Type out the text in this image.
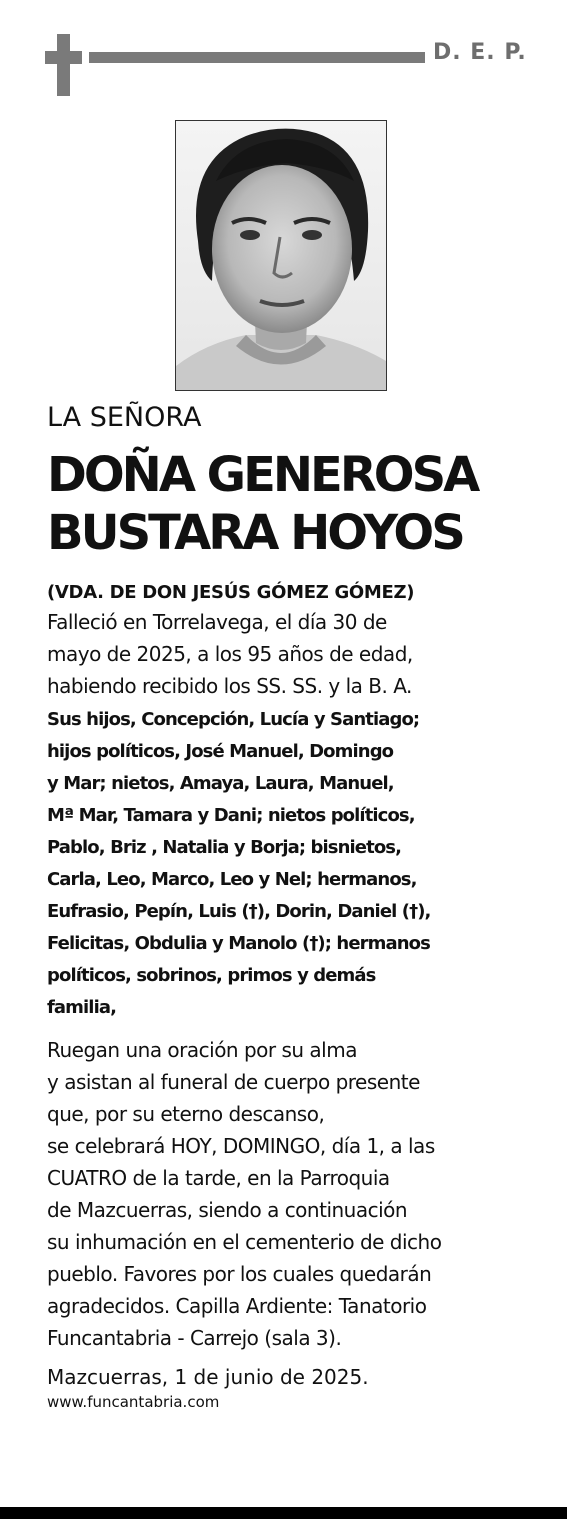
D. E. P.

LA SEÑORA

DOÑA GENEROSA
BUSTARA HOYOS

(VDA. DE DON JESÚS GÓMEZ GÓMEZ)

Falleció en Torrelavega, el día 30 de
mayo de 2025, a los 95 años de edad,
habiendo recibido los SS. SS. y la B. A.

Sus hijos, Concepción, Lucía y Santiago;
hijos políticos, José Manuel, Domingo
y Mar; nietos, Amaya, Laura, Manuel,
Mª Mar, Tamara y Dani; nietos políticos,
Pablo, Briz , Natalia y Borja; bisnietos,
Carla, Leo, Marco, Leo y Nel; hermanos,
Eufrasio, Pepín, Luis (†), Dorin, Daniel (†),
Felicitas, Obdulia y Manolo (†); hermanos
políticos, sobrinos, primos y demás
familia,

Ruegan una oración por su alma
y asistan al funeral de cuerpo presente
que, por su eterno descanso,
se celebrará HOY, DOMINGO, día 1, a las
CUATRO de la tarde, en la Parroquia
de Mazcuerras, siendo a continuación
su inhumación en el cementerio de dicho
pueblo. Favores por los cuales quedarán
agradecidos. Capilla Ardiente: Tanatorio
Funcantabria - Carrejo (sala 3).

Mazcuerras, 1 de junio de 2025.

www.funcantabria.com
